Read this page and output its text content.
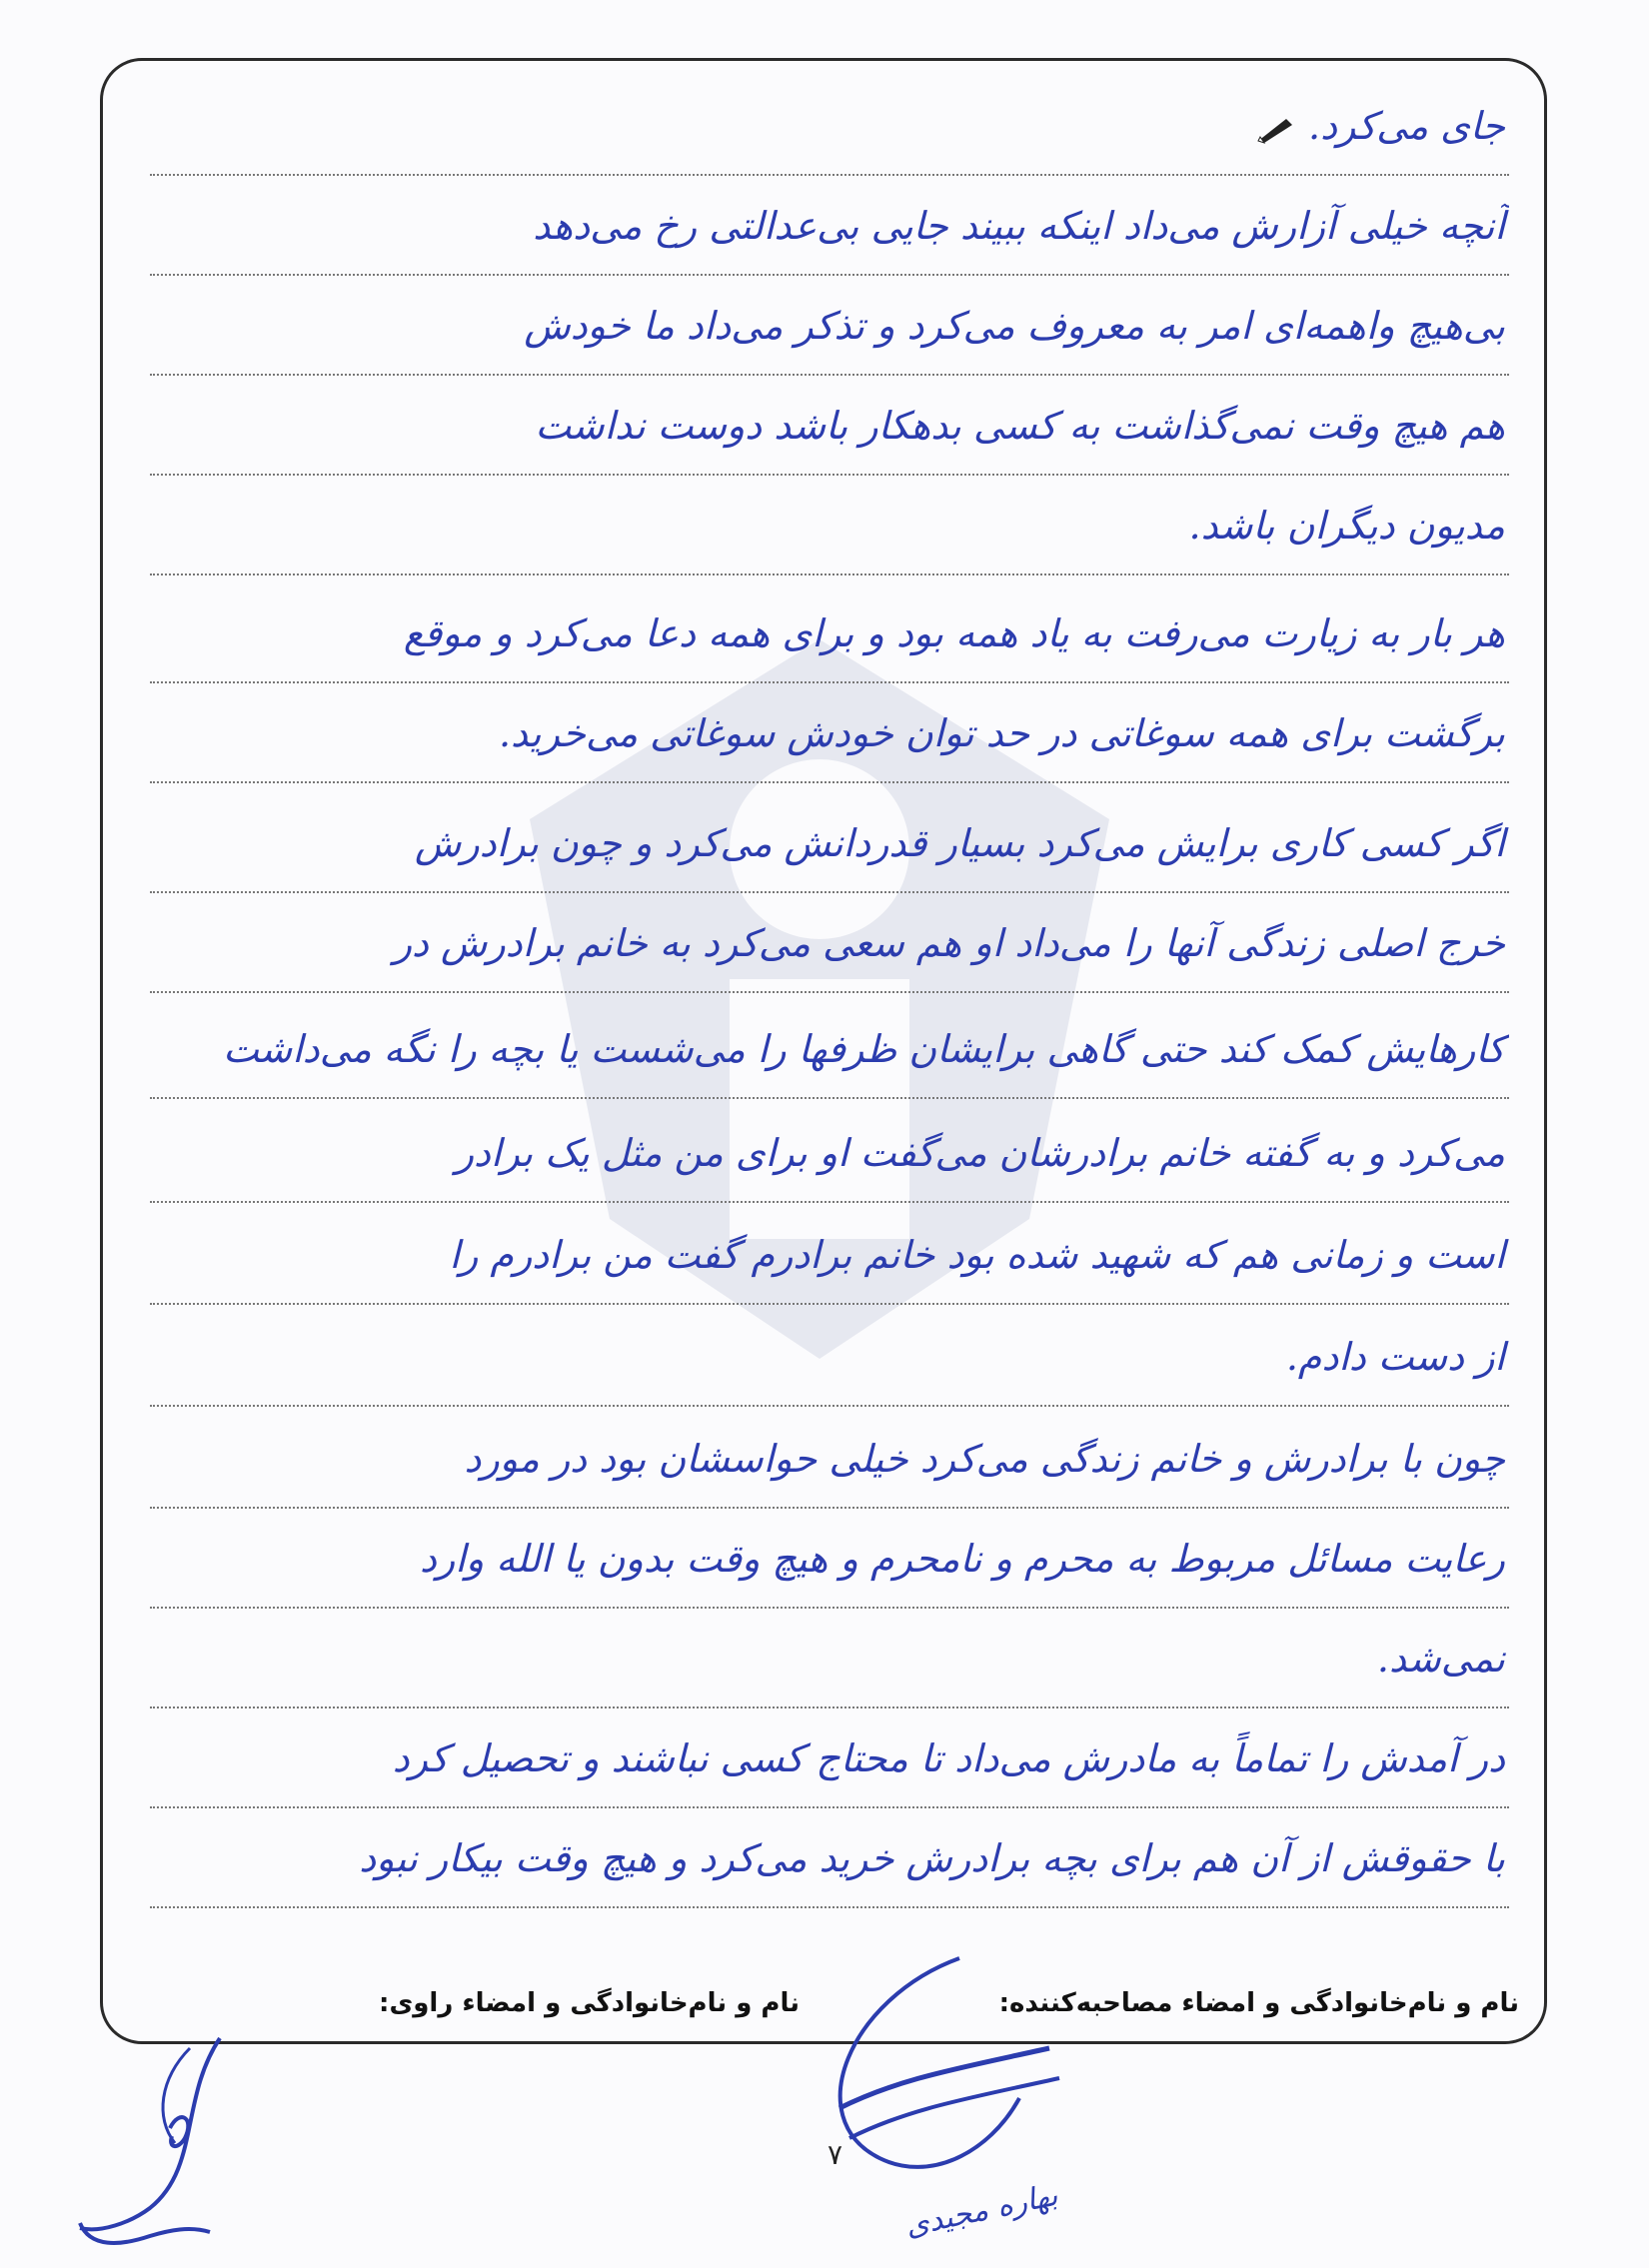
جای می‌کرد.
آنچه خیلی آزارش می‌داد اینکه ببیند جایی بی‌عدالتی رخ می‌دهد
بی‌هیچ واهمه‌ای امر به معروف می‌کرد و تذکر می‌داد ما خودش
هم هیچ وقت نمی‌گذاشت به کسی بدهکار باشد دوست نداشت
مدیون دیگران باشد.
هر بار به زیارت می‌رفت به یاد همه بود و برای همه دعا می‌کرد و موقع
برگشت برای همه سوغاتی در حد توان خودش سوغاتی می‌خرید.
اگر کسی کاری برایش می‌کرد بسیار قدردانش می‌کرد و چون برادرش
خرج اصلی زندگی آنها را می‌داد او هم سعی می‌کرد به خانم برادرش در
کارهایش کمک کند حتی گاهی برایشان ظرفها را می‌شست یا بچه را نگه می‌داشت
می‌کرد و به گفته خانم برادرشان می‌گفت او برای من مثل یک برادر
است و زمانی هم که شهید شده بود خانم برادرم گفت من برادرم را
از دست دادم.
چون با برادرش و خانم زندگی می‌کرد خیلی حواسشان بود در مورد
رعایت مسائل مربوط به محرم و نامحرم و هیچ وقت بدون یا الله وارد
نمی‌شد.
در آمدش را تماماً به مادرش می‌داد تا محتاج کسی نباشند و تحصیل کرد
با حقوقش از آن هم برای بچه برادرش خرید می‌کرد و هیچ وقت بیکار نبود
نام و نام‌خانوادگی و امضاء مصاحبه‌کننده:
نام و نام‌خانوادگی و امضاء راوی:
۷
بهاره مجیدی
